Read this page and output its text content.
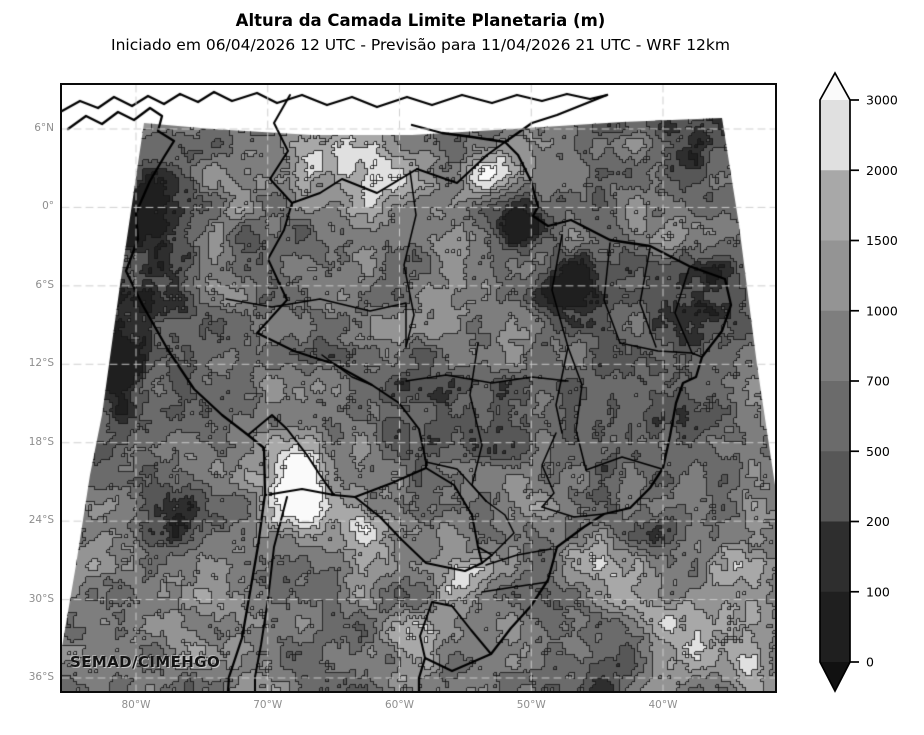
Altura da Camada Limite Planetaria (m)
Iniciado em 06/04/2026 12 UTC - Previsão para 11/04/2026 21 UTC - WRF 12km
SEMAD/CIMEHGO
6°N
0°
6°S
12°S
18°S
24°S
30°S
36°S
80°W	70°W	60°W	50°W	40°W
3000
2000
1500
1000
700
500
200
100
0
